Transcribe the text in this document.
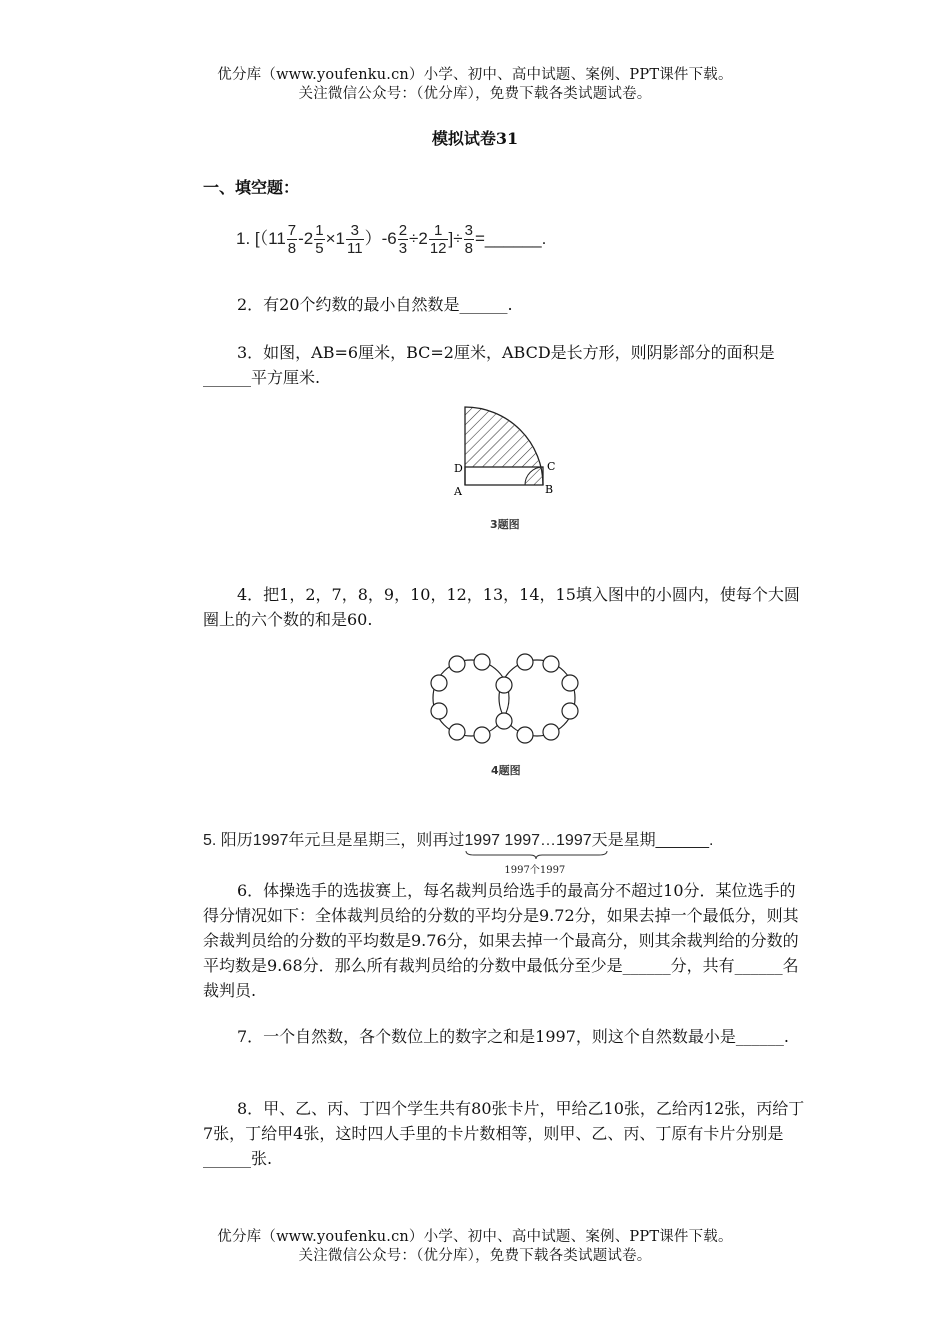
优分库（www.youfenku.cn）小学、初中、高中试题、案例、PPT课件下载。
关注微信公众号：（优分库），免费下载各类试题试卷。
模拟试卷31
一、填空题：
1. [$(11 \frac{7}{8} -2 \frac{1}{5} \times 1 \frac{3}{11} )-6 \frac{2}{3} \div 2 \frac{1}{12}$ ]÷ $\frac{3}{8}$ =______.

2．有20个约数的最小自然数是______.

3．如图，AB=6厘米，BC=2厘米，ABCD是长方形，则阴影部分的面积是______平方厘米.

D
A
C
B
3题图

4．把1，2，7，8，9，10，12，13，14，15填入图中的小圆内，使每个大圆圈上的六个数的和是60.

4题图
5. 阳历1997年元旦是星期三，则再过1997 1997…1997
1997个1997
天是星期______.

6．体操选手的选拔赛上，每名裁判员给选手的最高分不超过10分．某位选手的得分情况如下：全体裁判员给的分数的平均分是9.72分，如果去掉一个最低分，则其余裁判员给的分数的平均数是9.76分，如果去掉一个最高分，则其余裁判给的分数的平均数是9.68分．那么所有裁判员给的分数中最低分至少是______分，共有______名裁判员.

7．一个自然数，各个数位上的数字之和是1997，则这个自然数最小是______.

8．甲、乙、丙、丁四个学生共有80张卡片，甲给乙10张，乙给丙12张，丙给丁7张，丁给甲4张，这时四人手里的卡片数相等，则甲、乙、丙、丁原有卡片分别是______张.

优分库（www.youfenku.cn）小学、初中、高中试题、案例、PPT课件下载。
关注微信公众号：（优分库），免费下载各类试题试卷。
